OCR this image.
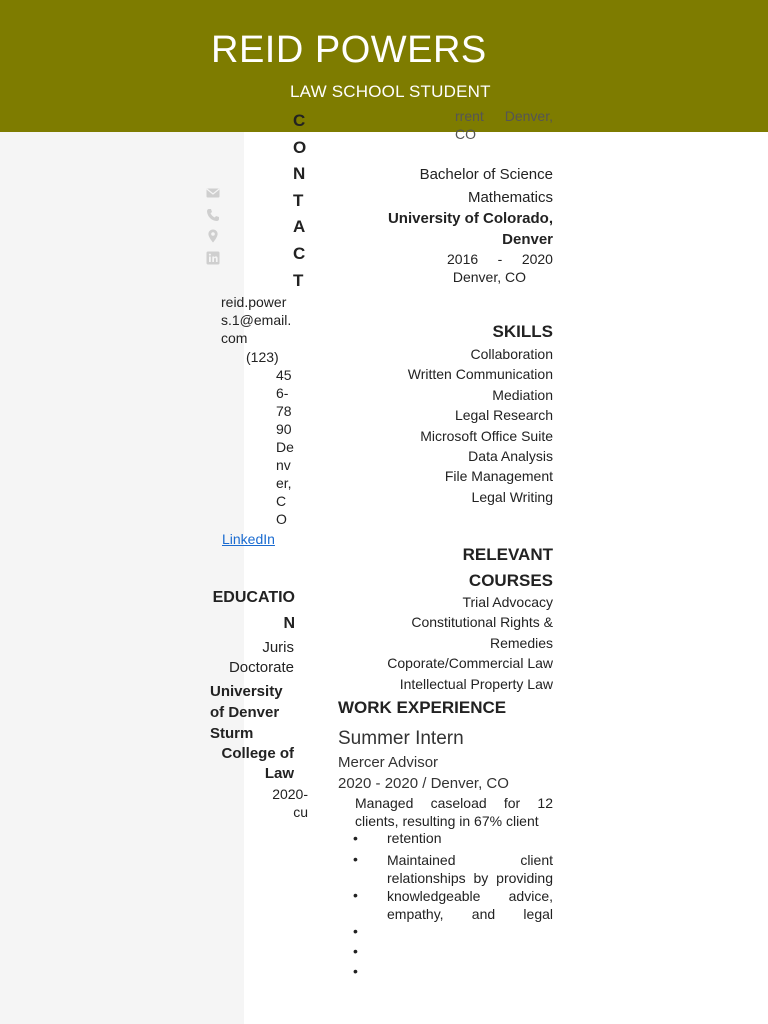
REID POWERS
LAW SCHOOL STUDENT
rrent Denver,
CO
C
O
N
T
A
C
T
reid.powers.1@email.com
(123)
456-7890Denver,CO
LinkedIn
EDUCATION
Juris Doctorate
University of Denver Sturm
College of Law
2020-cu
Bachelor of Science
Mathematics
University of Colorado, Denver
2016 - 2020
Denver, CO
SKILLS
Collaboration
Written Communication
Mediation
Legal Research
Microsoft Office Suite
Data Analysis
File Management
Legal Writing
RELEVANT COURSES
Trial Advocacy
Constitutional Rights &
Remedies
Coporate/Commercial Law
Intellectual Property Law
WORK EXPERIENCE
Summer Intern
Mercer Advisor
2020 - 2020 / Denver, CO
Managed caseload for 12 clients, resulting in 67% client
• retention
•
•
Maintained client relationships by providing knowledgeable advice, empathy, and legal
•
•
•
